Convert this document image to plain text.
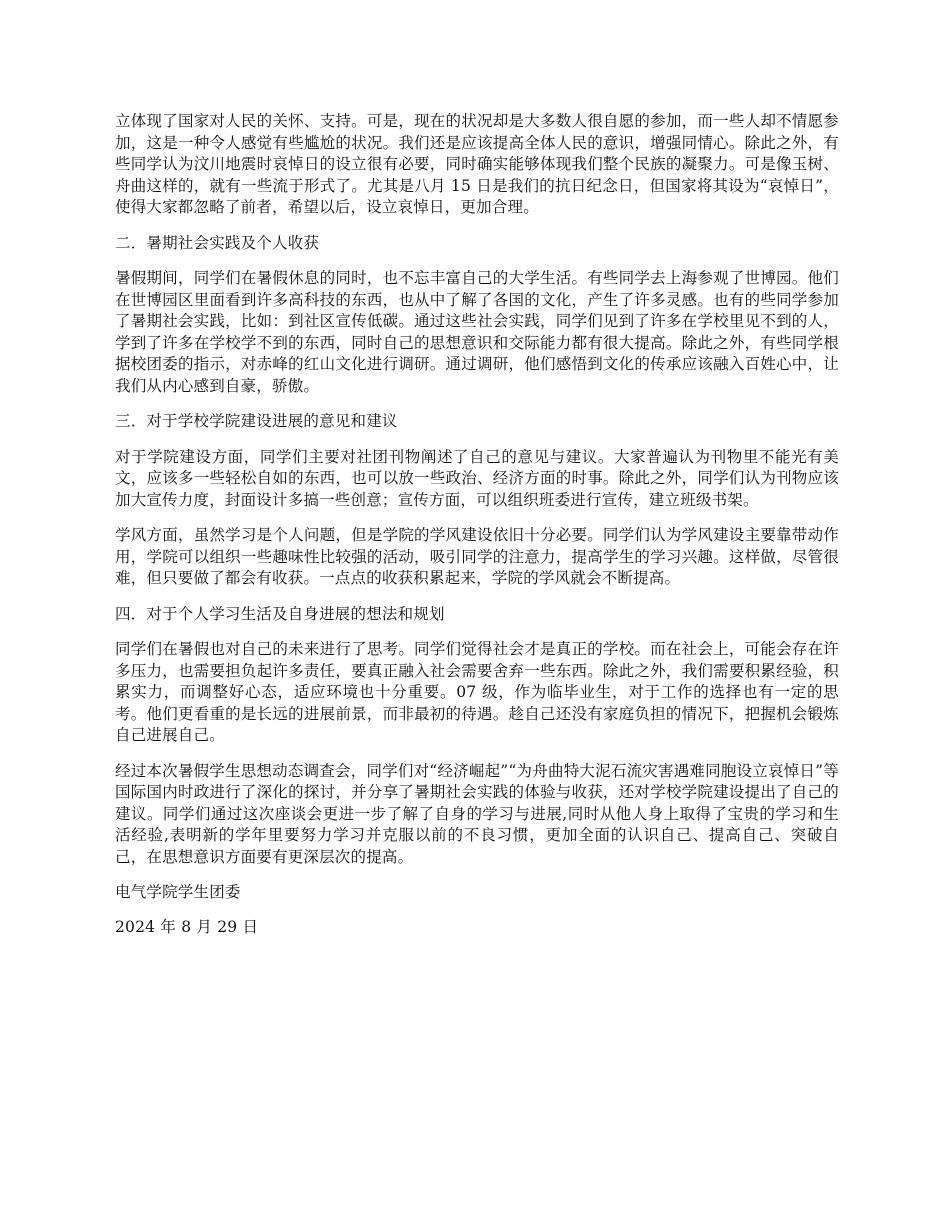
立体现了国家对人民的关怀、支持。可是，现在的状况却是大多数人很自愿的参加，而一些人却不情愿参加，这是一种令人感觉有些尴尬的状况。我们还是应该提高全体人民的意识，增强同情心。除此之外，有些同学认为汶川地震时哀悼日的设立很有必要，同时确实能够体现我们整个民族的凝聚力。可是像玉树、舟曲这样的，就有一些流于形式了。尤其是八月 15 日是我们的抗日纪念日，但国家将其设为“哀悼日”，使得大家都忽略了前者，希望以后，设立哀悼日，更加合理。

二．暑期社会实践及个人收获

暑假期间，同学们在暑假休息的同时，也不忘丰富自己的大学生活。有些同学去上海参观了世博园。他们在世博园区里面看到许多高科技的东西，也从中了解了各国的文化，产生了许多灵感。也有的些同学参加了暑期社会实践，比如：到社区宣传低碳。通过这些社会实践，同学们见到了许多在学校里见不到的人，学到了许多在学校学不到的东西，同时自己的思想意识和交际能力都有很大提高。除此之外，有些同学根据校团委的指示，对赤峰的红山文化进行调研。通过调研，他们感悟到文化的传承应该融入百姓心中，让我们从内心感到自豪，骄傲。

三．对于学校学院建设进展的意见和建议

对于学院建设方面，同学们主要对社团刊物阐述了自己的意见与建议。大家普遍认为刊物里不能光有美文，应该多一些轻松自如的东西，也可以放一些政治、经济方面的时事。除此之外，同学们认为刊物应该加大宣传力度，封面设计多搞一些创意；宣传方面，可以组织班委进行宣传，建立班级书架。

学风方面，虽然学习是个人问题，但是学院的学风建设依旧十分必要。同学们认为学风建设主要靠带动作用，学院可以组织一些趣味性比较强的活动，吸引同学的注意力，提高学生的学习兴趣。这样做，尽管很难，但只要做了都会有收获。一点点的收获积累起来，学院的学风就会不断提高。

四．对于个人学习生活及自身进展的想法和规划

同学们在暑假也对自己的未来进行了思考。同学们觉得社会才是真正的学校。而在社会上，可能会存在许多压力，也需要担负起许多责任，要真正融入社会需要舍弃一些东西。除此之外，我们需要积累经验，积累实力，而调整好心态，适应环境也十分重要。07 级，作为临毕业生，对于工作的选择也有一定的思考。他们更看重的是长远的进展前景，而非最初的待遇。趁自己还没有家庭负担的情况下，把握机会锻炼自己进展自己。

经过本次暑假学生思想动态调查会，同学们对“经济崛起”“为舟曲特大泥石流灾害遇难同胞设立哀悼日”等国际国内时政进行了深化的探讨，并分享了暑期社会实践的体验与收获，还对学校学院建设提出了自己的建议。同学们通过这次座谈会更进一步了解了自身的学习与进展,同时从他人身上取得了宝贵的学习和生活经验,表明新的学年里要努力学习并克服以前的不良习惯，更加全面的认识自己、提高自己、突破自己，在思想意识方面要有更深层次的提高。

电气学院学生团委

2024 年 8 月 29 日
